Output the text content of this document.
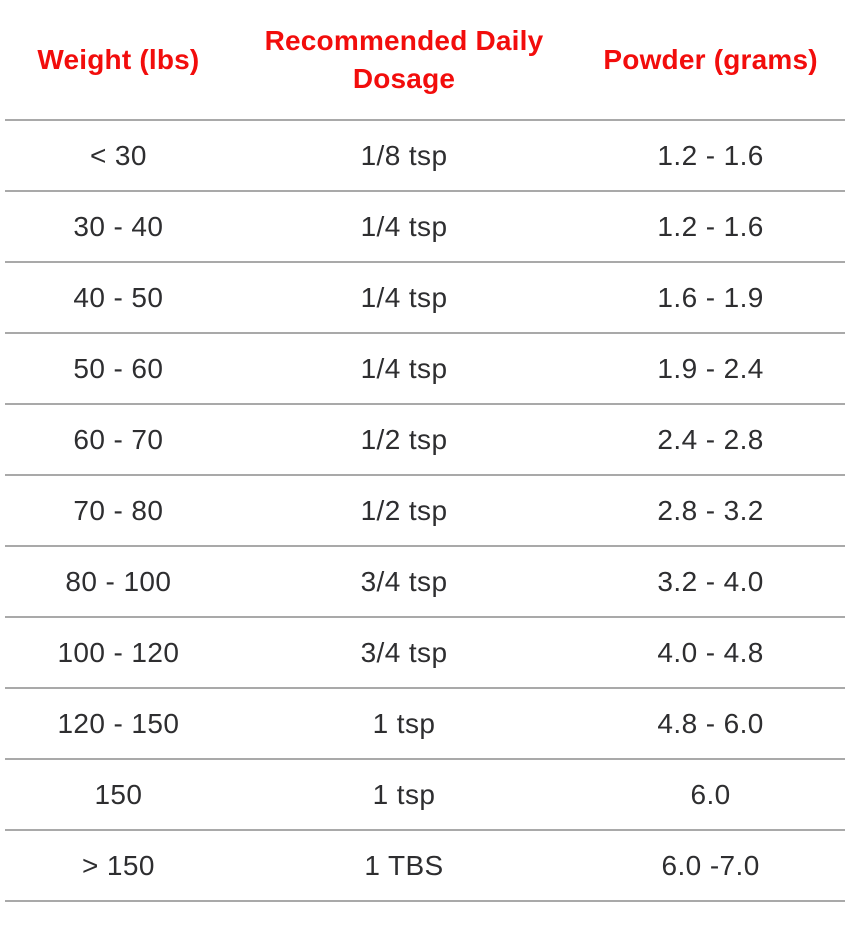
Weight (lbs)	Recommended Daily Dosage	Powder (grams)
< 30	1/8 tsp	1.2 - 1.6
30 - 40	1/4 tsp	1.2 - 1.6
40 - 50	1/4 tsp	1.6 - 1.9
50 - 60	1/4 tsp	1.9 - 2.4
60 - 70	1/2 tsp	2.4 - 2.8
70 - 80	1/2 tsp	2.8 - 3.2
80 - 100	3/4 tsp	3.2 - 4.0
100 - 120	3/4 tsp	4.0 - 4.8
120 - 150	1 tsp	4.8 - 6.0
150	1 tsp	6.0
> 150	1 TBS	6.0 -7.0
